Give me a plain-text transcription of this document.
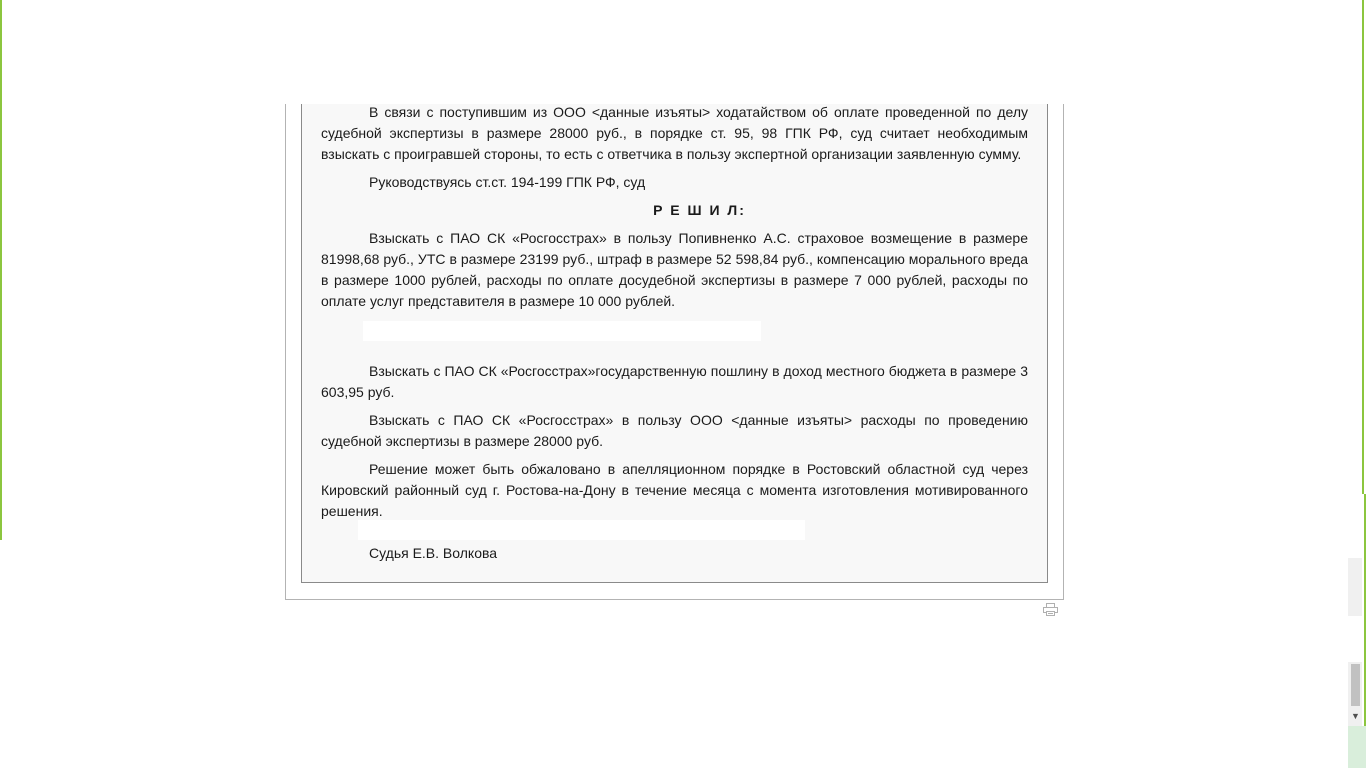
В связи с поступившим из ООО <данные изъяты> ходатайством об оплате проведенной по делу судебной экспертизы в размере 28000 руб., в порядке ст. 95, 98 ГПК РФ, суд считает необходимым взыскать с проигравшей стороны, то есть с ответчика в пользу экспертной организации заявленную сумму.

Руководствуясь ст.ст. 194-199 ГПК РФ, суд

Р Е Ш И Л:

Взыскать с ПАО СК «Росгосстрах» в пользу Попивненко А.С. страховое возмещение в размере 81998,68 руб., УТС в размере 23199 руб., штраф в размере 52 598,84 руб., компенсацию морального вреда в размере 1000 рублей, расходы по оплате досудебной экспертизы в размере 7 000 рублей, расходы по оплате услуг представителя в размере 10 000 рублей.

Взыскать с ПАО СК «Росгосстрах»государственную пошлину в доход местного бюджета в размере 3 603,95 руб.

Взыскать с ПАО СК «Росгосстрах» в пользу ООО <данные изъяты> расходы по проведению судебной экспертизы в размере 28000 руб.

Решение может быть обжаловано в апелляционном порядке в Ростовский областной суд через Кировский районный суд г. Ростова-на-Дону в течение месяца с момента изготовления мотивированного решения.

Судья Е.В. Волкова
▼
